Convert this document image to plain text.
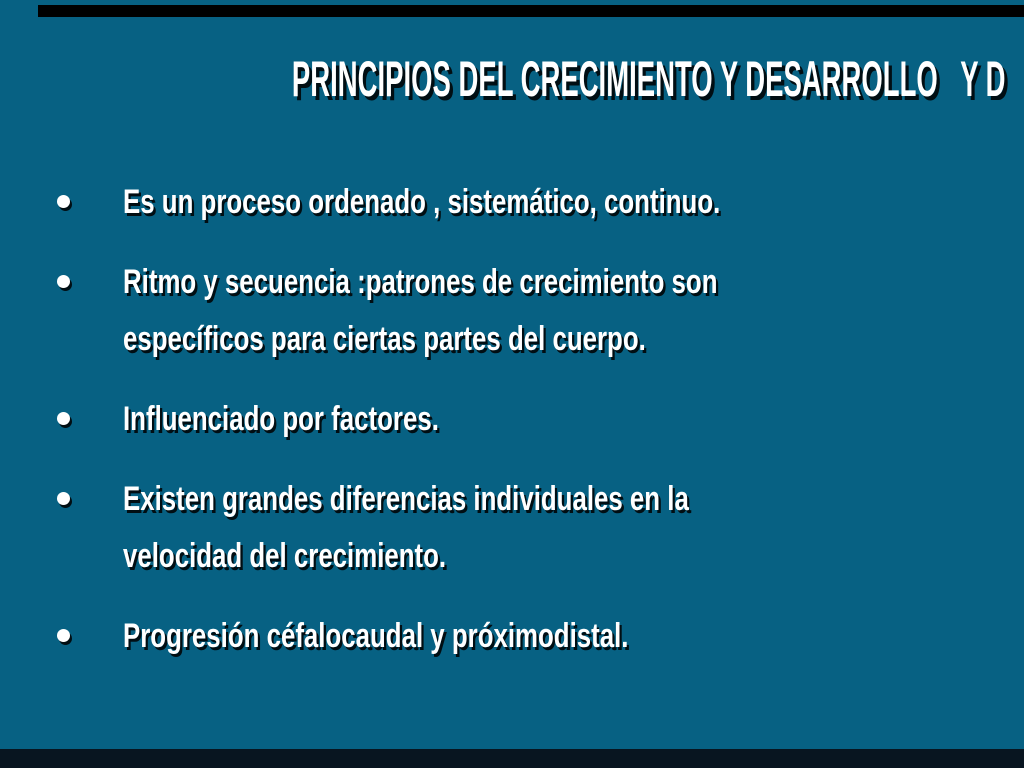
PRINCIPIOS DEL CRECIMIENTO Y DESARROLLO   Y D
Es un proceso ordenado , sistemático, continuo.
Ritmo y secuencia :patrones de crecimiento son
específicos para ciertas partes del cuerpo.
Influenciado por factores.
Existen grandes diferencias individuales en la
velocidad del crecimiento.
Progresión céfalocaudal y próximodistal.
